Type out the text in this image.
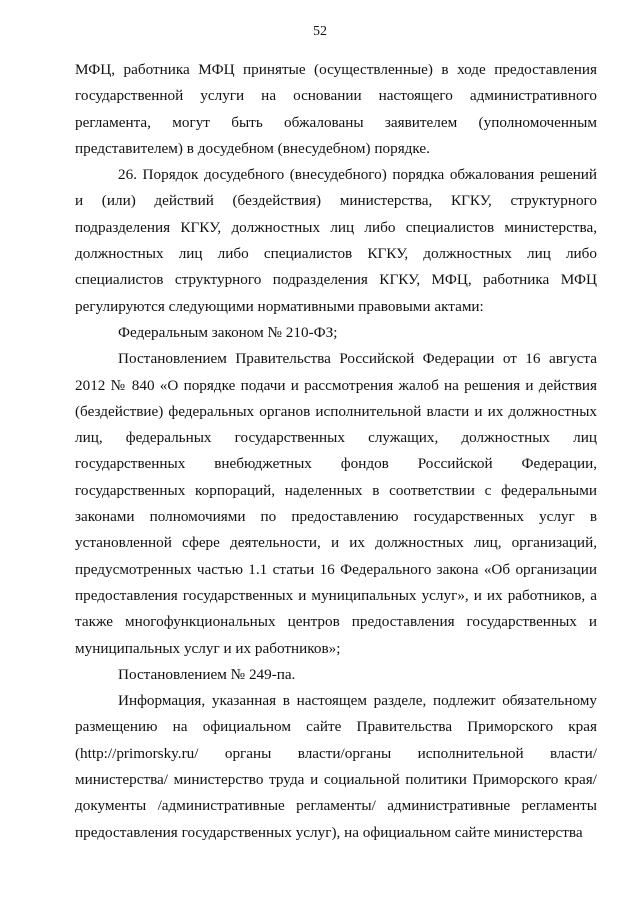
52

МФЦ, работника МФЦ принятые (осуществленные) в ходе предоставления государственной услуги на основании настоящего административного регламента, могут быть обжалованы заявителем (уполномоченным представителем) в досудебном (внесудебном) порядке.

26. Порядок досудебного (внесудебного) порядка обжалования решений и (или) действий (бездействия) министерства, КГКУ, структурного подразделения КГКУ, должностных лиц либо специалистов министерства, должностных лиц либо специалистов КГКУ, должностных лиц либо специалистов структурного подразделения КГКУ, МФЦ, работника МФЦ регулируются следующими нормативными правовыми актами:

Федеральным законом № 210-ФЗ;

Постановлением Правительства Российской Федерации от 16 августа 2012 № 840 «О порядке подачи и рассмотрения жалоб на решения и действия (бездействие) федеральных органов исполнительной власти и их должностных лиц, федеральных государственных служащих, должностных лиц государственных внебюджетных фондов Российской Федерации, государственных корпораций, наделенных в соответствии с федеральными законами полномочиями по предоставлению государственных услуг в установленной сфере деятельности, и их должностных лиц, организаций, предусмотренных частью 1.1 статьи 16 Федерального закона «Об организации предоставления государственных и муниципальных услуг», и их работников, а также многофункциональных центров предоставления государственных и муниципальных услуг и их работников»;

Постановлением № 249-па.

Информация, указанная в настоящем разделе, подлежит обязательному размещению на официальном сайте Правительства Приморского края (http://primorsky.ru/ органы власти/органы исполнительной власти/ министерства/ министерство труда и социальной политики Приморского края/ документы /административные регламенты/ административные регламенты предоставления государственных услуг), на официальном сайте министерства
